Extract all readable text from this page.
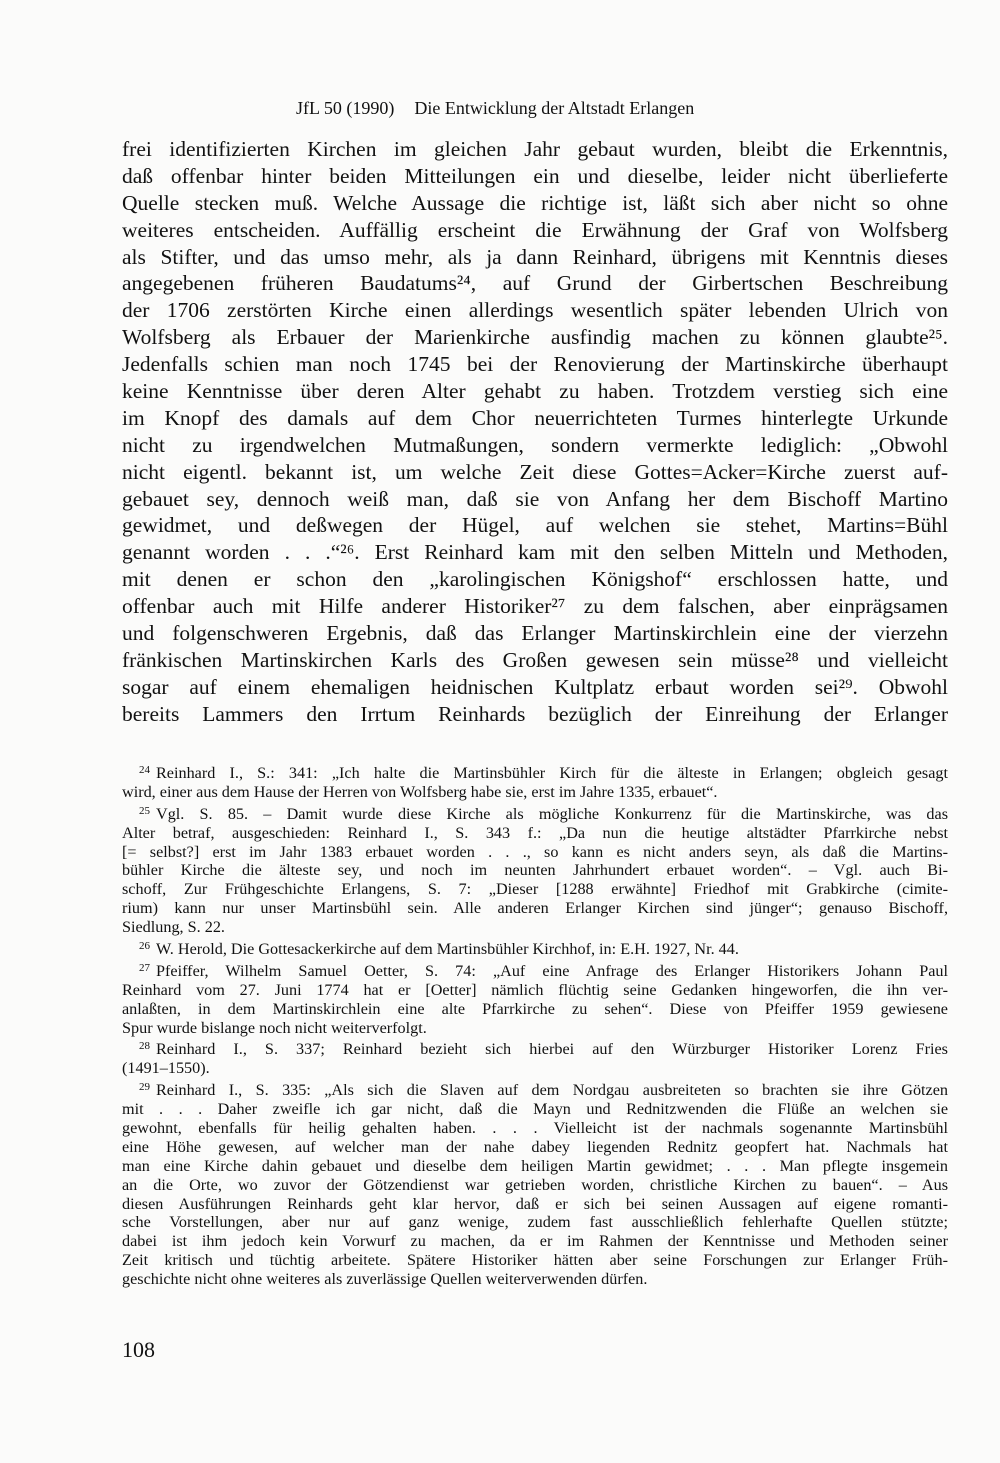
JfL 50 (1990) Die Entwicklung der Altstadt Erlangen
frei identifizierten Kirchen im gleichen Jahr gebaut wurden, bleibt die Erkenntnis,
daß offenbar hinter beiden Mitteilungen ein und dieselbe, leider nicht überlieferte
Quelle stecken muß. Welche Aussage die richtige ist, läßt sich aber nicht so ohne
weiteres entscheiden. Auffällig erscheint die Erwähnung der Graf von Wolfsberg
als Stifter, und das umso mehr, als ja dann Reinhard, übrigens mit Kenntnis dieses
angegebenen früheren Baudatums²⁴, auf Grund der Girbertschen Beschreibung
der 1706 zerstörten Kirche einen allerdings wesentlich später lebenden Ulrich von
Wolfsberg als Erbauer der Marienkirche ausfindig machen zu können glaubte²⁵.
Jedenfalls schien man noch 1745 bei der Renovierung der Martinskirche überhaupt
keine Kenntnisse über deren Alter gehabt zu haben. Trotzdem verstieg sich eine
im Knopf des damals auf dem Chor neuerrichteten Turmes hinterlegte Urkunde
nicht zu irgendwelchen Mutmaßungen, sondern vermerkte lediglich: „Obwohl
nicht eigentl. bekannt ist, um welche Zeit diese Gottes=Acker=Kirche zuerst auf-
gebauet sey, dennoch weiß man, daß sie von Anfang her dem Bischoff Martino
gewidmet, und deßwegen der Hügel, auf welchen sie stehet, Martins=Bühl
genannt worden . . .“²⁶. Erst Reinhard kam mit den selben Mitteln und Methoden,
mit denen er schon den „karolingischen Königshof“ erschlossen hatte, und
offenbar auch mit Hilfe anderer Historiker²⁷ zu dem falschen, aber einprägsamen
und folgenschweren Ergebnis, daß das Erlanger Martinskirchlein eine der vierzehn
fränkischen Martinskirchen Karls des Großen gewesen sein müsse²⁸ und vielleicht
sogar auf einem ehemaligen heidnischen Kultplatz erbaut worden sei²⁹. Obwohl
bereits Lammers den Irrtum Reinhards bezüglich der Einreihung der Erlanger
$^{24}$ Reinhard I., S.: 341: „Ich halte die Martinsbühler Kirch für die älteste in Erlangen; obgleich gesagt
wird, einer aus dem Hause der Herren von Wolfsberg habe sie, erst im Jahre 1335, erbauet“.
$^{25}$ Vgl. S. 85. – Damit wurde diese Kirche als mögliche Konkurrenz für die Martinskirche, was das
Alter betraf, ausgeschieden: Reinhard I., S. 343 f.: „Da nun die heutige altstädter Pfarrkirche nebst
[= selbst?] erst im Jahr 1383 erbauet worden . . ., so kann es nicht anders seyn, als daß die Martins-
bühler Kirche die älteste sey, und noch im neunten Jahrhundert erbauet worden“. – Vgl. auch Bi-
schoff, Zur Frühgeschichte Erlangens, S. 7: „Dieser [1288 erwähnte] Friedhof mit Grabkirche (cimite-
rium) kann nur unser Martinsbühl sein. Alle anderen Erlanger Kirchen sind jünger“; genauso Bischoff,
Siedlung, S. 22.
$^{26}$ W. Herold, Die Gottesackerkirche auf dem Martinsbühler Kirchhof, in: E.H. 1927, Nr. 44.
$^{27}$ Pfeiffer, Wilhelm Samuel Oetter, S. 74: „Auf eine Anfrage des Erlanger Historikers Johann Paul
Reinhard vom 27. Juni 1774 hat er [Oetter] nämlich flüchtig seine Gedanken hingeworfen, die ihn ver-
anlaßten, in dem Martinskirchlein eine alte Pfarrkirche zu sehen“. Diese von Pfeiffer 1959 gewiesene
Spur wurde bislange noch nicht weiterverfolgt.
$^{28}$ Reinhard I., S. 337; Reinhard bezieht sich hierbei auf den Würzburger Historiker Lorenz Fries
(1491–1550).
$^{29}$ Reinhard I., S. 335: „Als sich die Slaven auf dem Nordgau ausbreiteten so brachten sie ihre Götzen
mit . . . Daher zweifle ich gar nicht, daß die Mayn und Rednitzwenden die Flüße an welchen sie
gewohnt, ebenfalls für heilig gehalten haben. . . . Vielleicht ist der nachmals sogenannte Martinsbühl
eine Höhe gewesen, auf welcher man der nahe dabey liegenden Rednitz geopfert hat. Nachmals hat
man eine Kirche dahin gebauet und dieselbe dem heiligen Martin gewidmet; . . . Man pflegte insgemein
an die Orte, wo zuvor der Götzendienst war getrieben worden, christliche Kirchen zu bauen“. – Aus
diesen Ausführungen Reinhards geht klar hervor, daß er sich bei seinen Aussagen auf eigene romanti-
sche Vorstellungen, aber nur auf ganz wenige, zudem fast ausschließlich fehlerhafte Quellen stützte;
dabei ist ihm jedoch kein Vorwurf zu machen, da er im Rahmen der Kenntnisse und Methoden seiner
Zeit kritisch und tüchtig arbeitete. Spätere Historiker hätten aber seine Forschungen zur Erlanger Früh-
geschichte nicht ohne weiteres als zuverlässige Quellen weiterverwenden dürfen.
108
